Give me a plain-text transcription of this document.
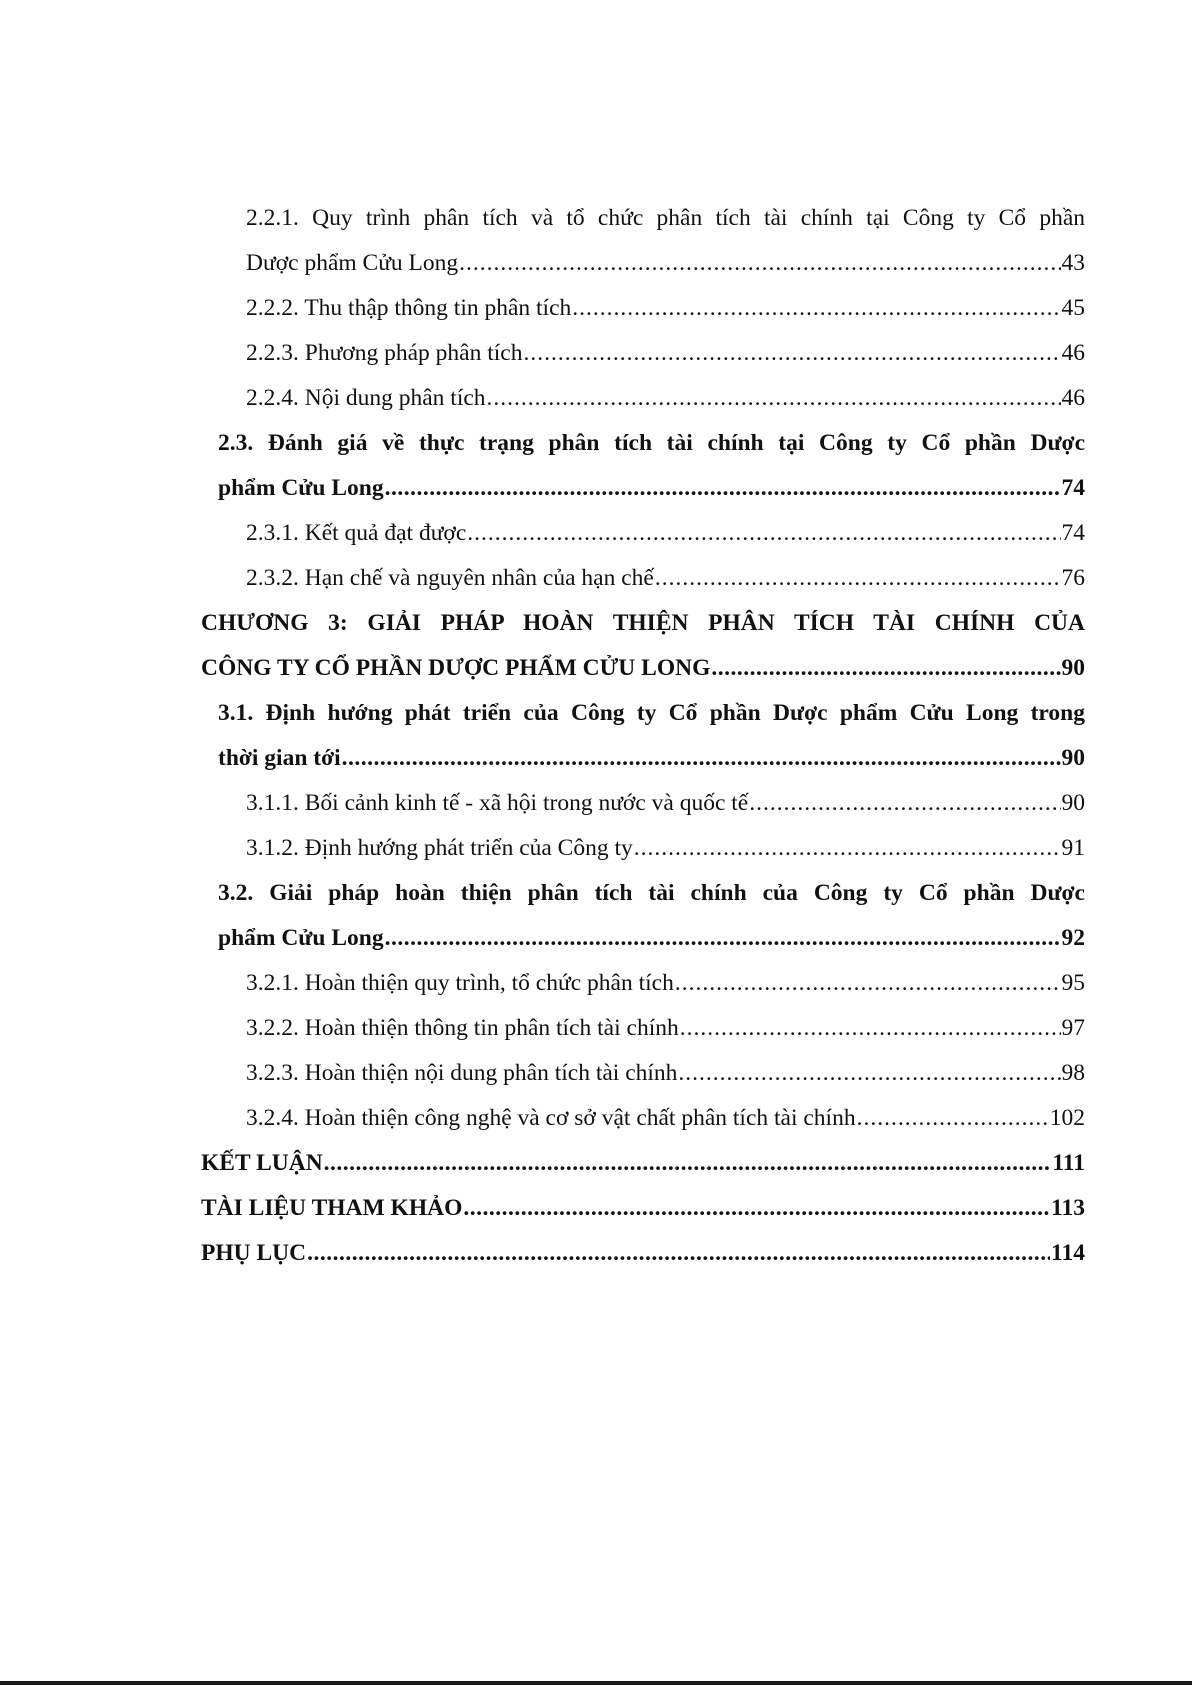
2.2.1. Quy trình phân tích và tổ chức phân tích tài chính tại Công ty Cổ phần
Dược phẩm Cửu Long .....	43
2.2.2. Thu thập thông tin phân tích .....	45
2.2.3. Phương pháp phân tích .....	46
2.2.4. Nội dung phân tích .....	46
2.3. Đánh giá về thực trạng phân tích tài chính tại Công ty Cổ phần Dược
phẩm Cửu Long .....	74
2.3.1. Kết quả đạt được .....	74
2.3.2. Hạn chế và nguyên nhân của hạn chế .....	76
CHƯƠNG 3: GIẢI PHÁP HOÀN THIỆN PHÂN TÍCH TÀI CHÍNH CỦA
CÔNG TY CỔ PHẦN DƯỢC PHẨM CỬU LONG .....	90
3.1. Định hướng phát triển của Công ty Cổ phần Dược phẩm Cửu Long trong
thời gian tới .....	90
3.1.1. Bối cảnh kinh tế - xã hội trong nước và quốc tế .....	90
3.1.2. Định hướng phát triển của Công ty .....	91
3.2. Giải pháp hoàn thiện phân tích tài chính của Công ty Cổ phần Dược
phẩm Cửu Long .....	92
3.2.1. Hoàn thiện quy trình, tổ chức phân tích .....	95
3.2.2. Hoàn thiện thông tin phân tích tài chính .....	97
3.2.3. Hoàn thiện nội dung phân tích tài chính .....	98
3.2.4. Hoàn thiện công nghệ và cơ sở vật chất phân tích tài chính .....	102
KẾT LUẬN .....	111
TÀI LIỆU THAM KHẢO .....	113
PHỤ LỤC .....	114
